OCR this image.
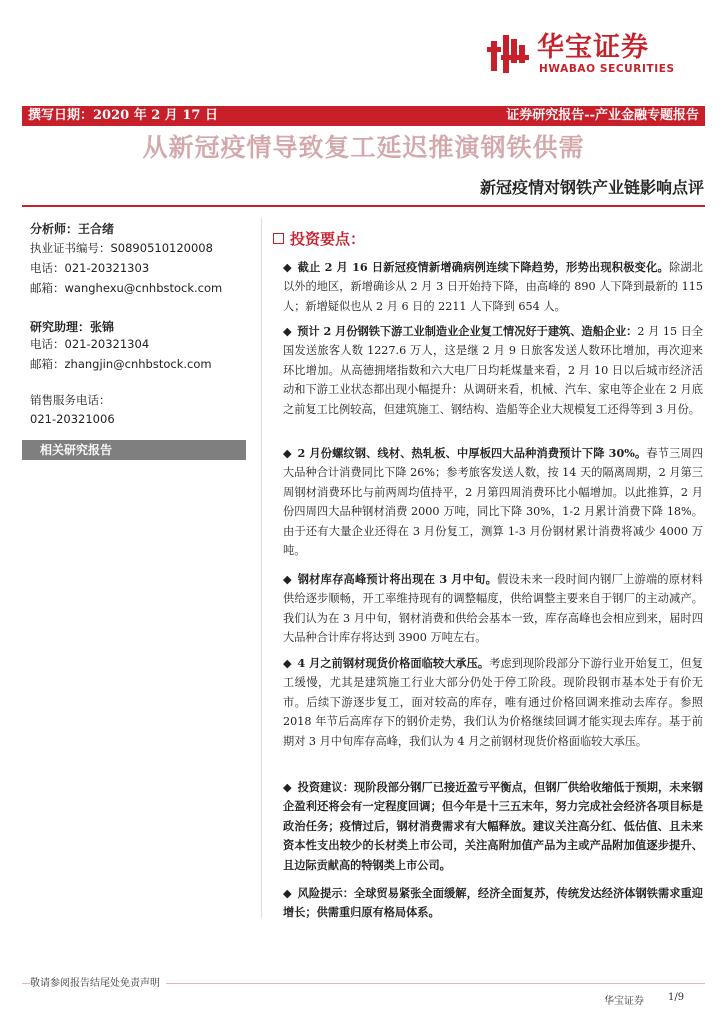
华宝证券
HWABAO SECURITIES
撰写日期：2020 年 2 月 17 日	证券研究报告--产业金融专题报告
从新冠疫情导致复工延迟推演钢铁供需
新冠疫情对钢铁产业链影响点评
分析师：王合绪
执业证书编号：S0890510120008
电话：021-20321303
邮箱：wanghexu@cnhbstock.com
研究助理：张锦
电话：021-20321304
邮箱：zhangjin@cnhbstock.com
销售服务电话：
021-20321006
相关研究报告
投资要点：
◆ 截止 2 月 16 日新冠疫情新增确病例连续下降趋势，形势出现积极变化。除湖北以外的地区，新增确诊从 2 月 3 日开始持下降，由高峰的 890 人下降到最新的 115 人；新增疑似也从 2 月 6 日的 2211 人下降到 654 人。
◆ 预计 2 月份钢铁下游工业制造业企业复工情况好于建筑、造船企业：2 月 15 日全国发送旅客人数 1227.6 万人，这是继 2 月 9 日旅客发送人数环比增加，再次迎来环比增加。从高德拥堵指数和六大电厂日均耗煤量来看，2 月 10 日以后城市经济活动和下游工业状态都出现小幅提升：从调研来看，机械、汽车、家电等企业在 2 月底之前复工比例较高，但建筑施工、钢结构、造船等企业大规模复工还得等到 3 月份。
◆ 2 月份螺纹钢、线材、热轧板、中厚板四大品种消费预计下降 30%。春节三周四大品种合计消费同比下降 26%；参考旅客发送人数，按 14 天的隔离周期，2 月第三周钢材消费环比与前两周均值持平，2 月第四周消费环比小幅增加。以此推算，2 月份四周四大品种钢材消费 2000 万吨，同比下降 30%，1-2 月累计消费下降 18%。由于还有大量企业还得在 3 月份复工，测算 1-3 月份钢材累计消费将减少 4000 万吨。
◆ 钢材库存高峰预计将出现在 3 月中旬。假设未来一段时间内钢厂上游端的原材料供给逐步顺畅，开工率维持现有的调整幅度，供给调整主要来自于钢厂的主动减产。我们认为在 3 月中旬，钢材消费和供给会基本一致，库存高峰也会相应到来，届时四大品种合计库存将达到 3900 万吨左右。
◆ 4 月之前钢材现货价格面临较大承压。考虑到现阶段部分下游行业开始复工，但复工缓慢，尤其是建筑施工行业大部分仍处于停工阶段。现阶段钢市基本处于有价无市。后续下游逐步复工，面对较高的库存，唯有通过价格回调来推动去库存。参照 2018 年节后高库存下的钢价走势，我们认为价格继续回调才能实现去库存。基于前期对 3 月中旬库存高峰，我们认为 4 月之前钢材现货价格面临较大承压。
◆ 投资建议：现阶段部分钢厂已接近盈亏平衡点，但钢厂供给收缩低于预期，未来钢企盈利还将会有一定程度回调；但今年是十三五末年，努力完成社会经济各项目标是政治任务；疫情过后，钢材消费需求有大幅释放。建议关注高分红、低估值、且未来资本性支出较少的长材类上市公司，关注高附加值产品为主或产品附加值逐步提升、且边际贡献高的特钢类上市公司。
◆ 风险提示：全球贸易紧张全面缓解，经济全面复苏，传统发达经济体钢铁需求重迎增长；供需重归原有格局体系。
敬请参阅报告结尾处免责声明
华宝证券 1/9
